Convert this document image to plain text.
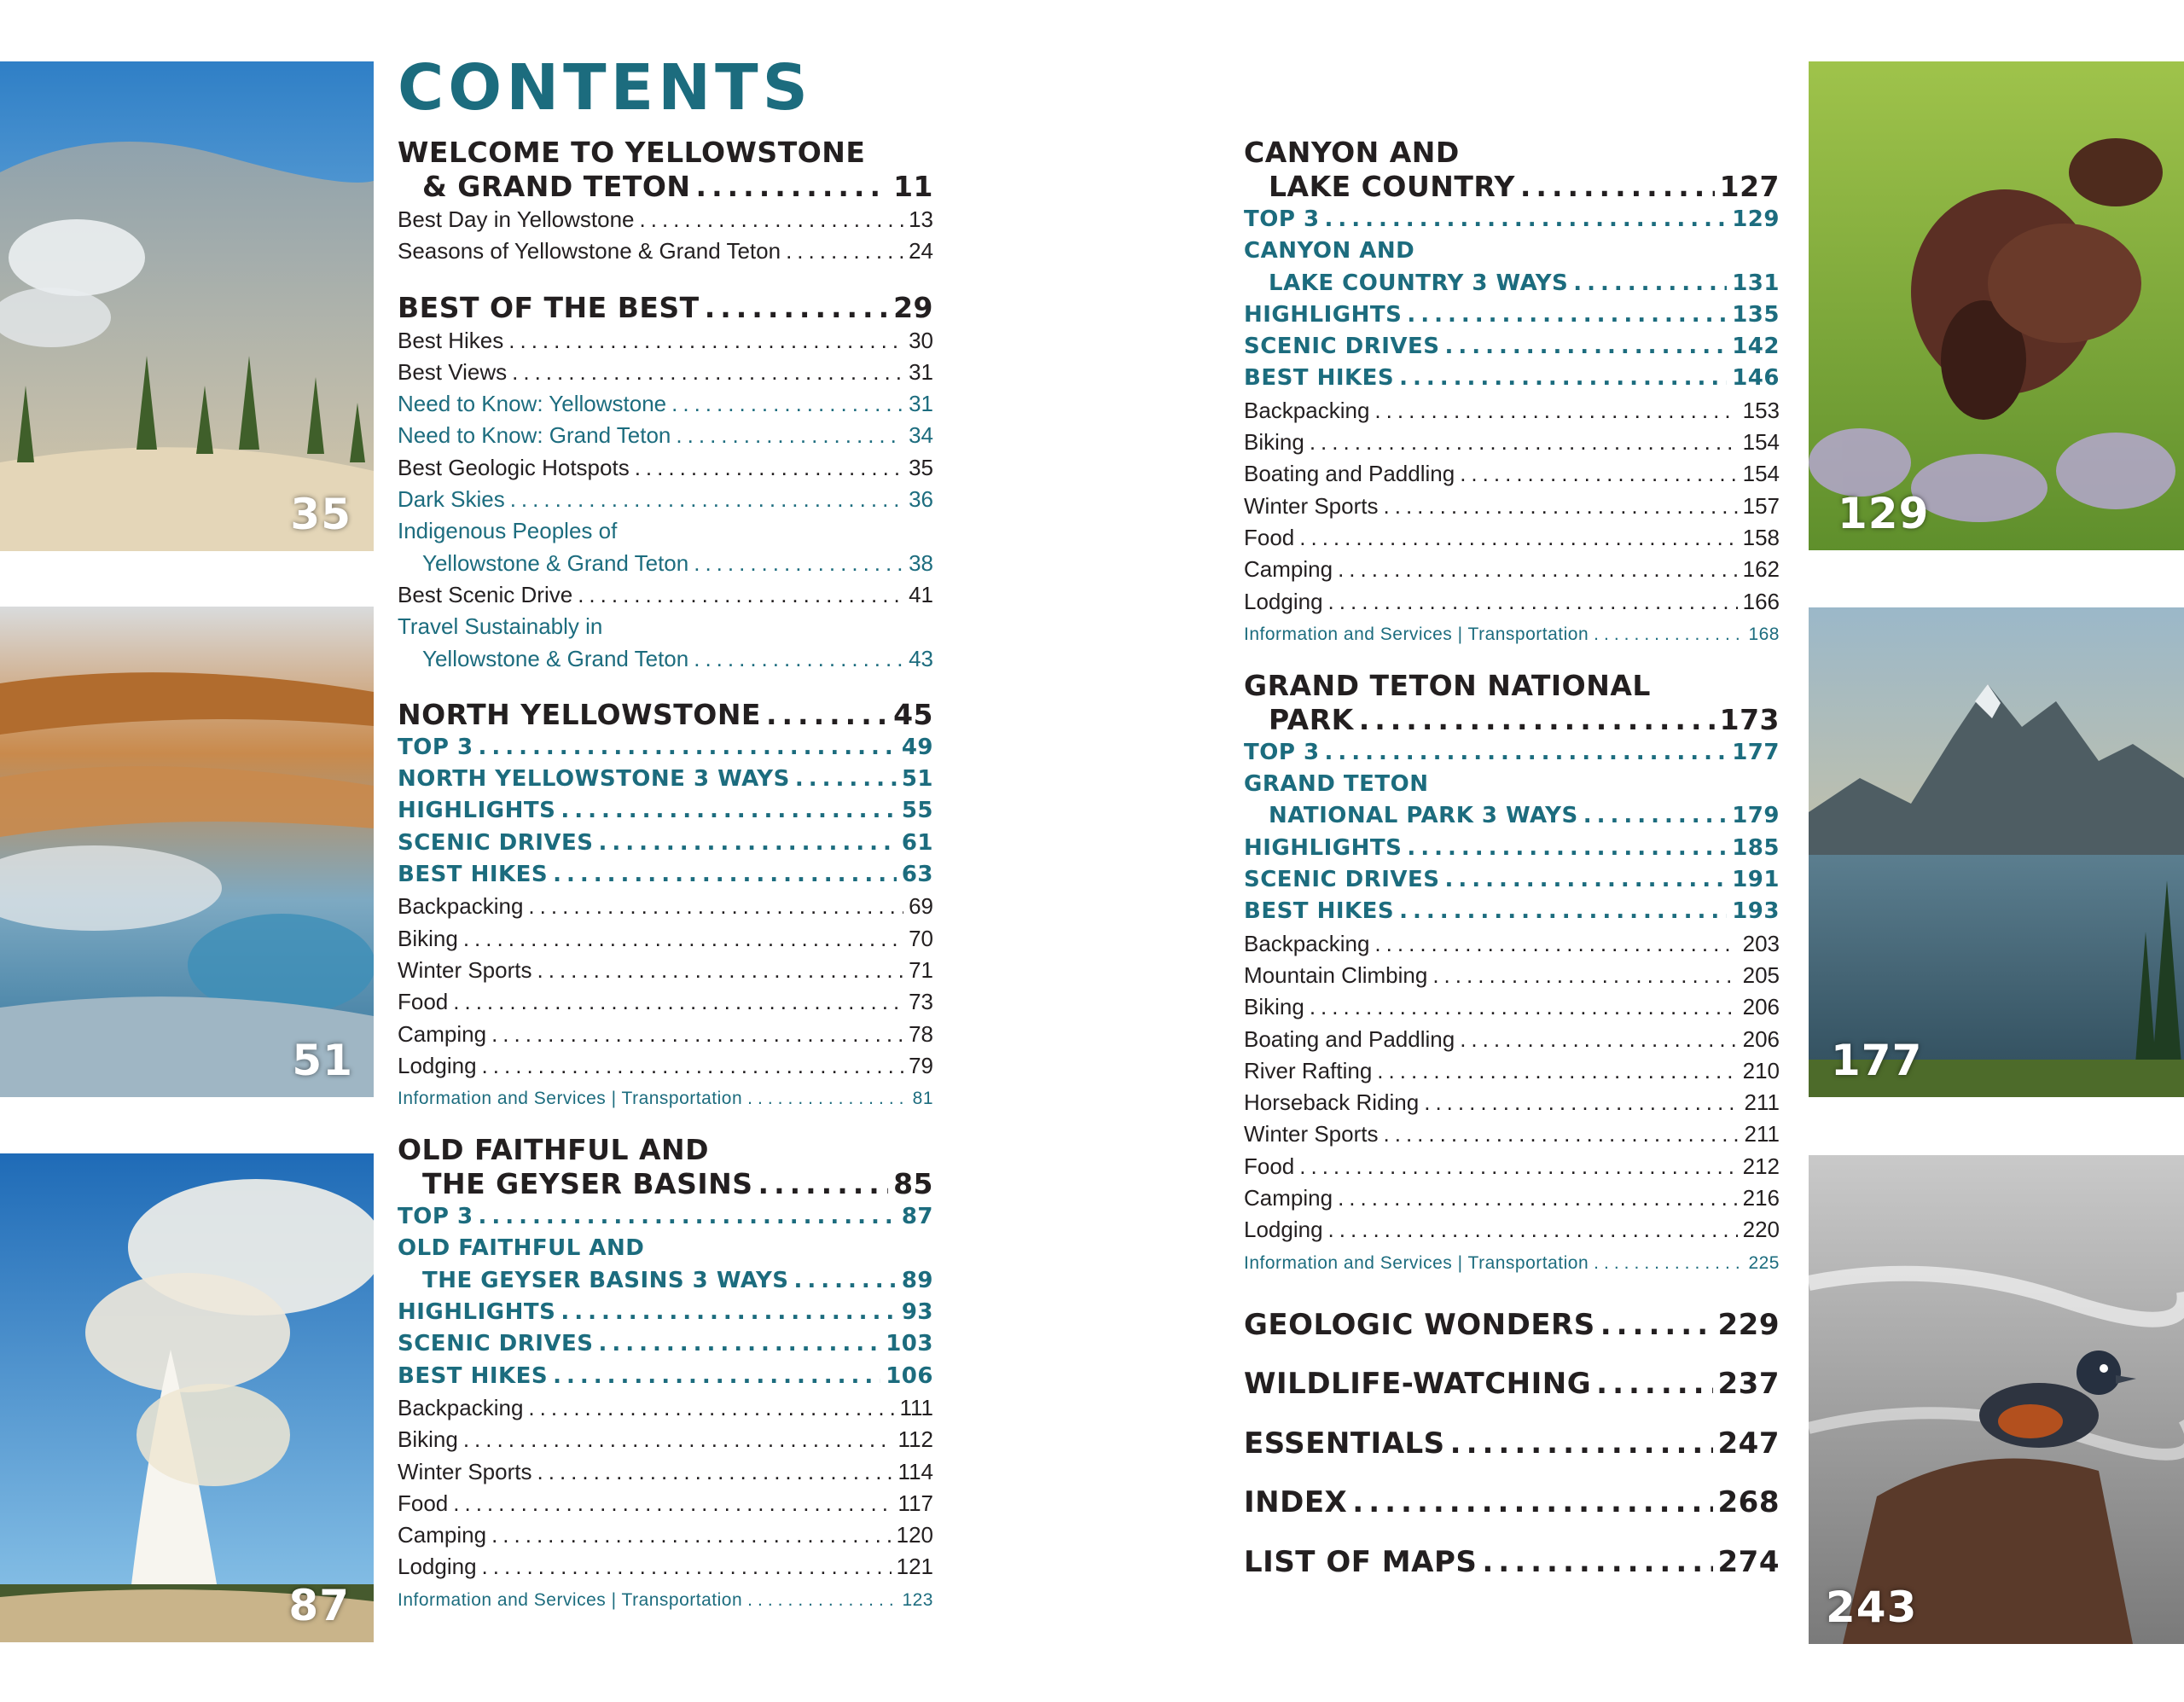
35
51
87
129
177
243
CONTENTS
WELCOME TO YELLOWSTONE
& GRAND TETON .....	11
Best Day in Yellowstone .....	13
Seasons of Yellowstone & Grand Teton .....	24
BEST OF THE BEST .....	29
Best Hikes .....	30
Best Views .....	31
Need to Know: Yellowstone .....	31
Need to Know: Grand Teton .....	34
Best Geologic Hotspots .....	35
Dark Skies .....	36
Indigenous Peoples of
Yellowstone & Grand Teton .....	38
Best Scenic Drive .....	41
Travel Sustainably in
Yellowstone & Grand Teton .....	43
NORTH YELLOWSTONE .....	45
TOP 3 .....	49
NORTH YELLOWSTONE 3 WAYS .....	51
HIGHLIGHTS .....	55
SCENIC DRIVES .....	61
BEST HIKES .....	63
Backpacking .....	69
Biking .....	70
Winter Sports .....	71
Food .....	73
Camping .....	78
Lodging .....	79
Information and Services | Transportation .....	81
OLD FAITHFUL AND
THE GEYSER BASINS .....	85
TOP 3 .....	87
OLD FAITHFUL AND
THE GEYSER BASINS 3 WAYS .....	89
HIGHLIGHTS .....	93
SCENIC DRIVES .....	103
BEST HIKES .....	106
Backpacking .....	111
Biking .....	112
Winter Sports .....	114
Food .....	117
Camping .....	120
Lodging .....	121
Information and Services | Transportation .....	123
CANYON AND
LAKE COUNTRY .....	127
TOP 3 .....	129
CANYON AND
LAKE COUNTRY 3 WAYS .....	131
HIGHLIGHTS .....	135
SCENIC DRIVES .....	142
BEST HIKES .....	146
Backpacking .....	153
Biking .....	154
Boating and Paddling .....	154
Winter Sports .....	157
Food .....	158
Camping .....	162
Lodging .....	166
Information and Services | Transportation .....	168
GRAND TETON NATIONAL
PARK .....	173
TOP 3 .....	177
GRAND TETON
NATIONAL PARK 3 WAYS .....	179
HIGHLIGHTS .....	185
SCENIC DRIVES .....	191
BEST HIKES .....	193
Backpacking .....	203
Mountain Climbing .....	205
Biking .....	206
Boating and Paddling .....	206
River Rafting .....	210
Horseback Riding .....	211
Winter Sports .....	211
Food .....	212
Camping .....	216
Lodging .....	220
Information and Services | Transportation .....	225
GEOLOGIC WONDERS .....	229
WILDLIFE-WATCHING .....	237
ESSENTIALS .....	247
INDEX .....	268
LIST OF MAPS .....	274
